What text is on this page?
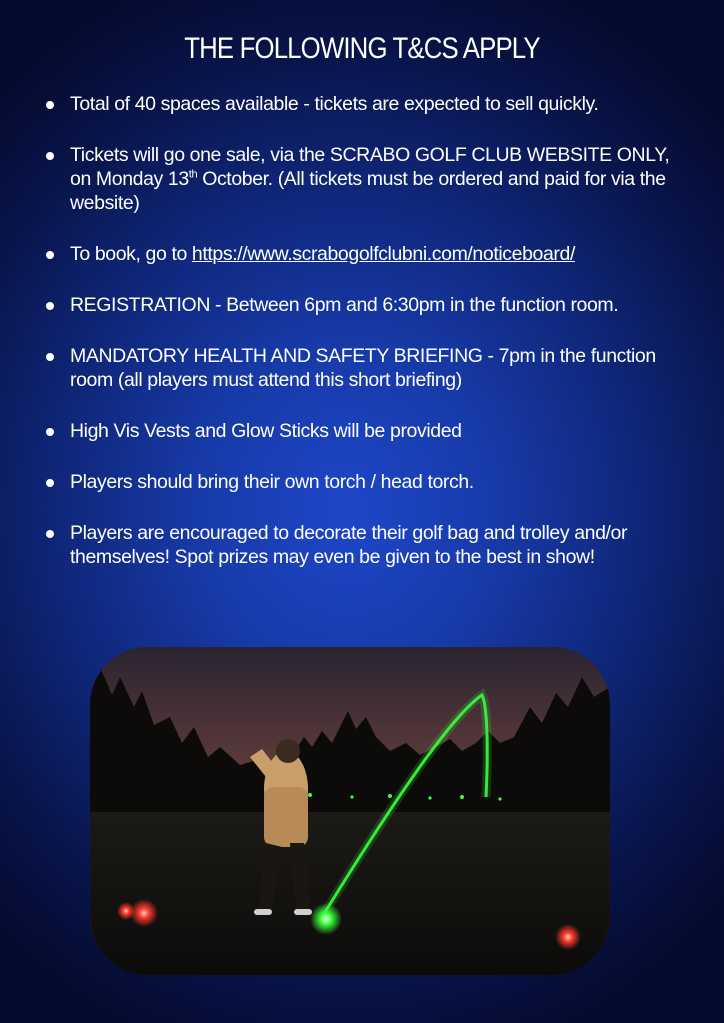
THE FOLLOWING T&CS APPLY
Total of 40 spaces available - tickets are expected to sell quickly.
Tickets will go one sale, via the SCRABO GOLF CLUB WEBSITE ONLY, on Monday 13th October. (All tickets must be ordered and paid for via the website)
To book, go to https://www.scrabogolfclubni.com/noticeboard/
REGISTRATION - Between 6pm and 6:30pm in the function room.
MANDATORY HEALTH AND SAFETY BRIEFING - 7pm in the function room (all players must attend this short briefing)
High Vis Vests and Glow Sticks will be provided
Players should bring their own torch / head torch.
Players are encouraged to decorate their golf bag and trolley and/or themselves! Spot prizes may even be given to the best in show!
